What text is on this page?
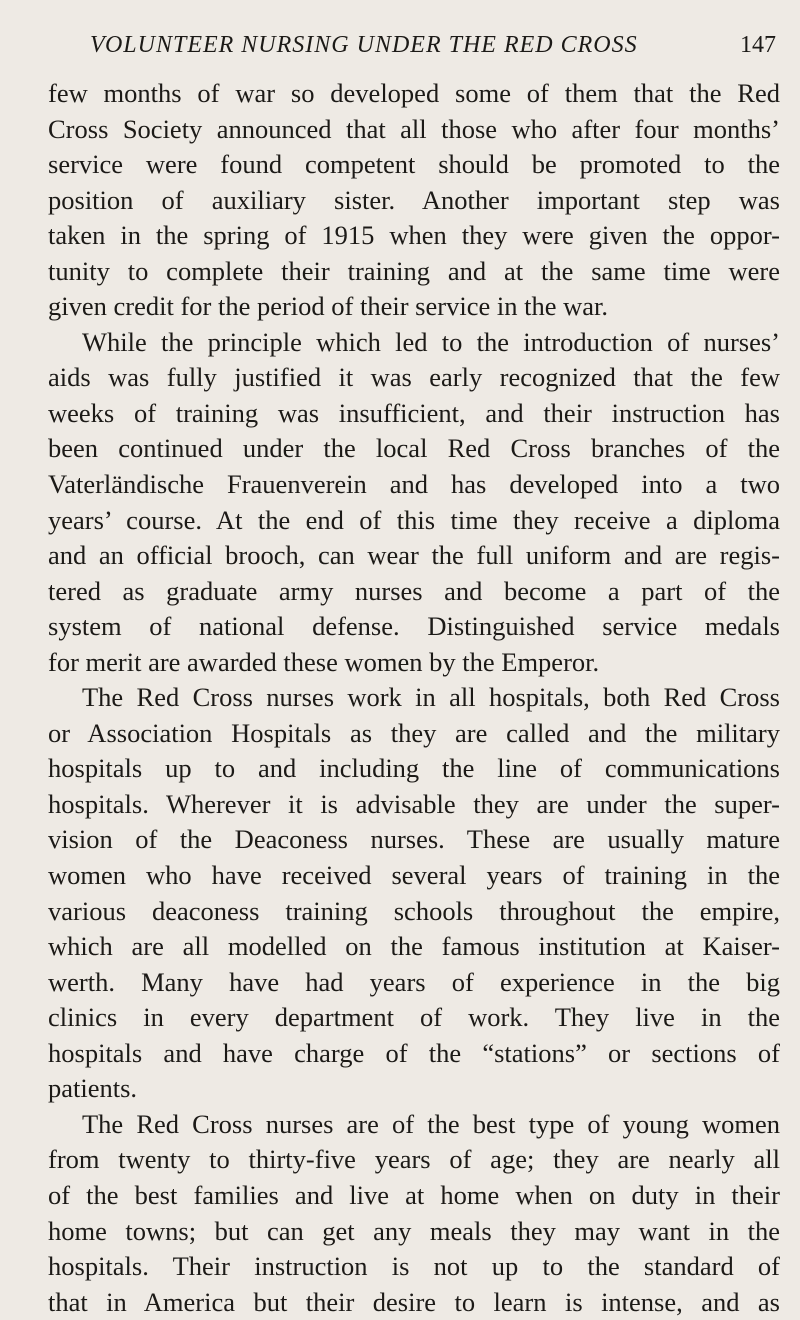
VOLUNTEER NURSING UNDER THE RED CROSS	147
few months of war so developed some of them that the Red
Cross Society announced that all those who after four months’
service were found competent should be promoted to the
position of auxiliary sister. Another important step was
taken in the spring of 1915 when they were given the oppor-
tunity to complete their training and at the same time were
given credit for the period of their service in the war.
While the principle which led to the introduction of nurses’
aids was fully justified it was early recognized that the few
weeks of training was insufficient, and their instruction has
been continued under the local Red Cross branches of the
Vaterländische Frauenverein and has developed into a two
years’ course. At the end of this time they receive a diploma
and an official brooch, can wear the full uniform and are regis-
tered as graduate army nurses and become a part of the
system of national defense. Distinguished service medals
for merit are awarded these women by the Emperor.
The Red Cross nurses work in all hospitals, both Red Cross
or Association Hospitals as they are called and the military
hospitals up to and including the line of communications
hospitals. Wherever it is advisable they are under the super-
vision of the Deaconess nurses. These are usually mature
women who have received several years of training in the
various deaconess training schools throughout the empire,
which are all modelled on the famous institution at Kaiser-
werth. Many have had years of experience in the big
clinics in every department of work. They live in the
hospitals and have charge of the “stations” or sections of
patients.
The Red Cross nurses are of the best type of young women
from twenty to thirty-five years of age; they are nearly all
of the best families and live at home when on duty in their
home towns; but can get any meals they may want in the
hospitals. Their instruction is not up to the standard of
that in America but their desire to learn is intense, and as
